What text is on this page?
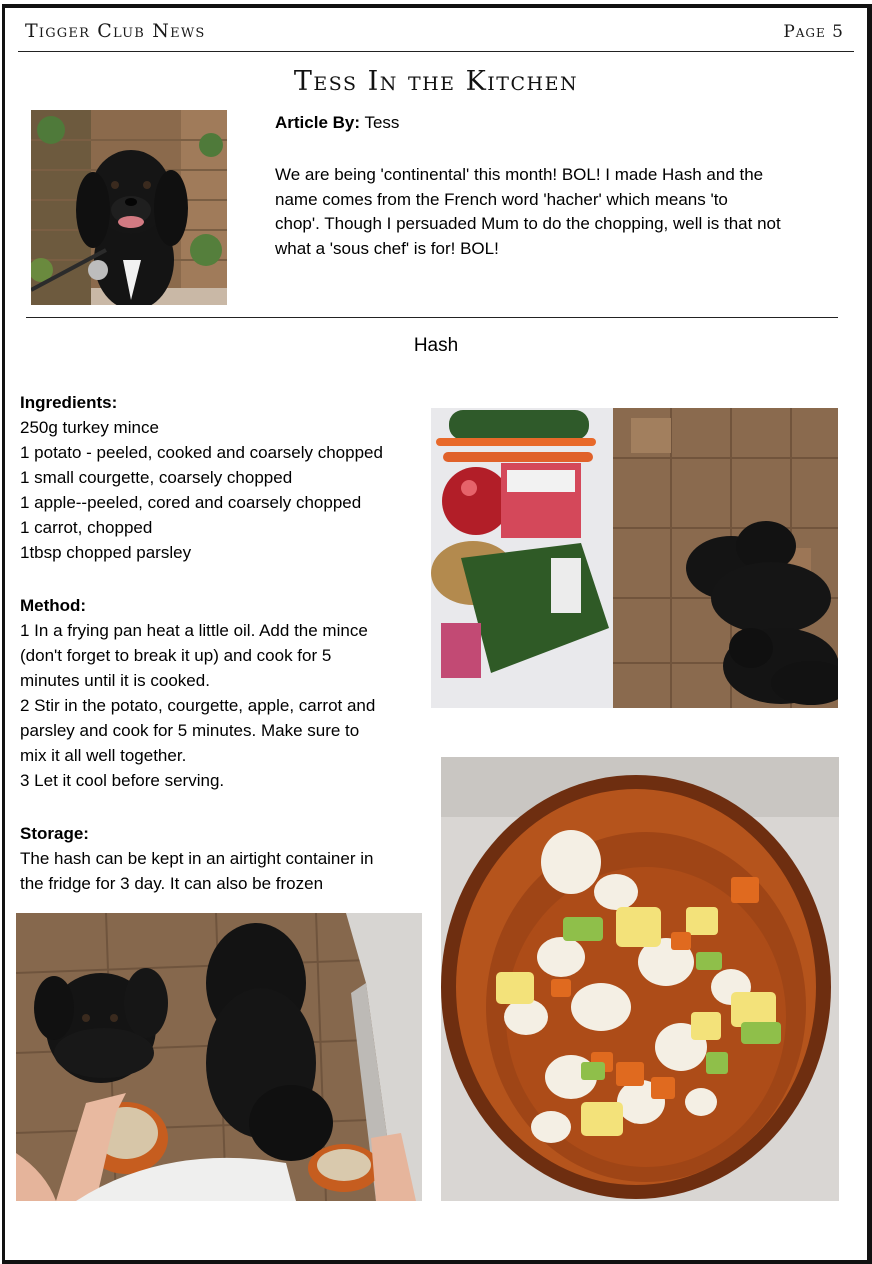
Tigger Club News	Page 5
Tess In the Kitchen
Article By: Tess
We are being 'continental' this month! BOL! I made Hash and the
name comes from the French word 'hacher' which means 'to
chop'. Though I persuaded Mum to do the chopping, well is that not
what a 'sous chef' is for! BOL!
Hash
Ingredients:
250g turkey mince
1 potato - peeled, cooked and coarsely chopped
1 small courgette, coarsely chopped
1 apple--peeled, cored and coarsely chopped
1 carrot, chopped
1tbsp chopped parsley
Method:
1 In a frying pan heat a little oil. Add the mince
(don't forget to break it up) and cook for 5
minutes until it is cooked.
2 Stir in the potato, courgette, apple, carrot and
parsley and cook for 5 minutes. Make sure to
mix it all well together.
3 Let it cool before serving.
Storage:
The hash can be kept in an airtight container in
the fridge for 3 day. It can also be frozen
